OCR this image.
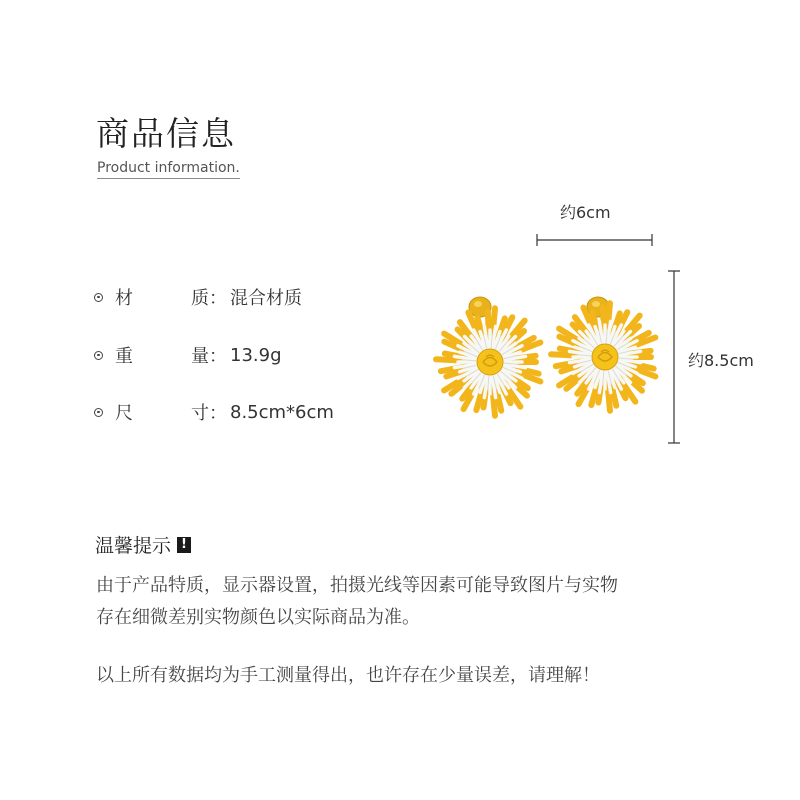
商品信息
Product information.
材	质 ： 混合材质
重	量 ： 13.9g
尺	寸 ： 8.5cm*6cm
约6cm
约8.5cm
温馨提示 !
由于产品特质，显示器设置，拍摄光线等因素可能导致图片与实物
存在细微差别实物颜色以实际商品为准。
以上所有数据均为手工测量得出，也许存在少量误差，请理解！
